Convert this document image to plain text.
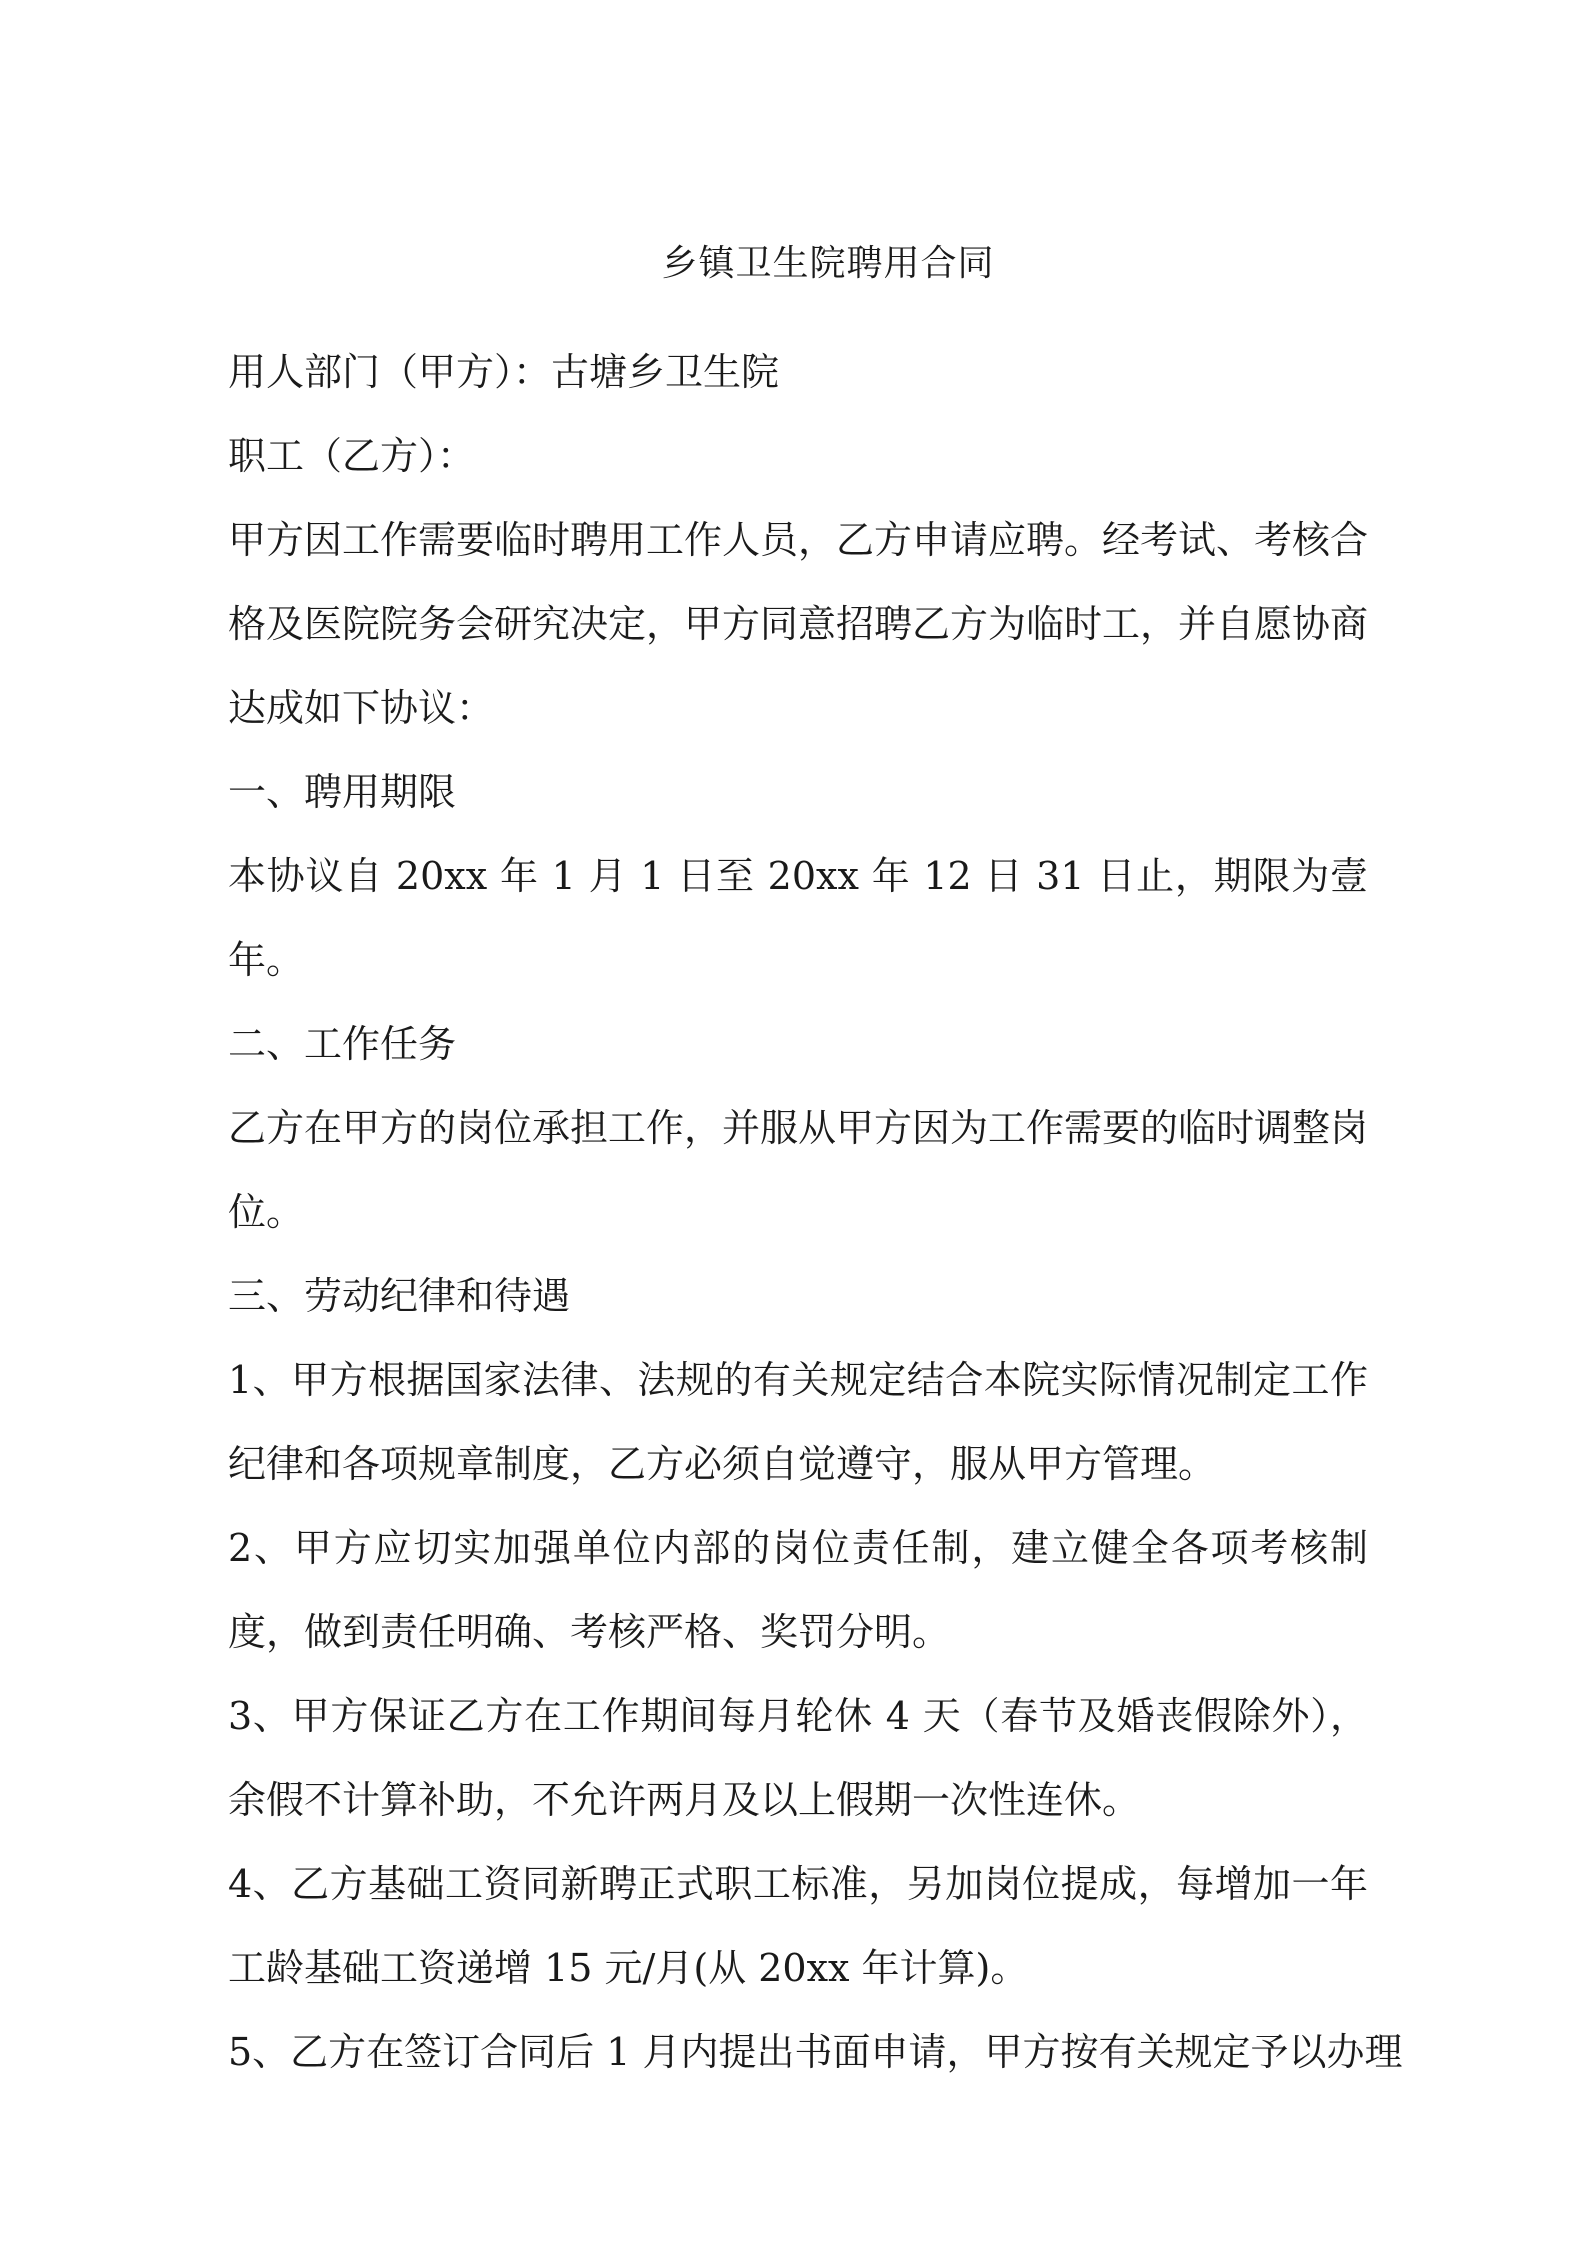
乡镇卫生院聘用合同

用人部门（甲方）：古塘乡卫生院

职工（乙方）：

甲方因工作需要临时聘用工作人员，乙方申请应聘。经考试、考核合格及医院院务会研究决定，甲方同意招聘乙方为临时工，并自愿协商达成如下协议：

一、聘用期限

本协议自 20xx 年 1 月 1 日至 20xx 年 12 日 31 日止，期限为壹年。

二、工作任务

乙方在甲方的岗位承担工作，并服从甲方因为工作需要的临时调整岗位。

三、劳动纪律和待遇

1、甲方根据国家法律、法规的有关规定结合本院实际情况制定工作纪律和各项规章制度，乙方必须自觉遵守，服从甲方管理。

2、甲方应切实加强单位内部的岗位责任制，建立健全各项考核制度，做到责任明确、考核严格、奖罚分明。

3、甲方保证乙方在工作期间每月轮休 4 天（春节及婚丧假除外），余假不计算补助，不允许两月及以上假期一次性连休。

4、乙方基础工资同新聘正式职工标准，另加岗位提成，每增加一年工龄基础工资递增 15 元/月(从 20xx 年计算)。

5、乙方在签订合同后 1 月内提出书面申请，甲方按有关规定予以办理
